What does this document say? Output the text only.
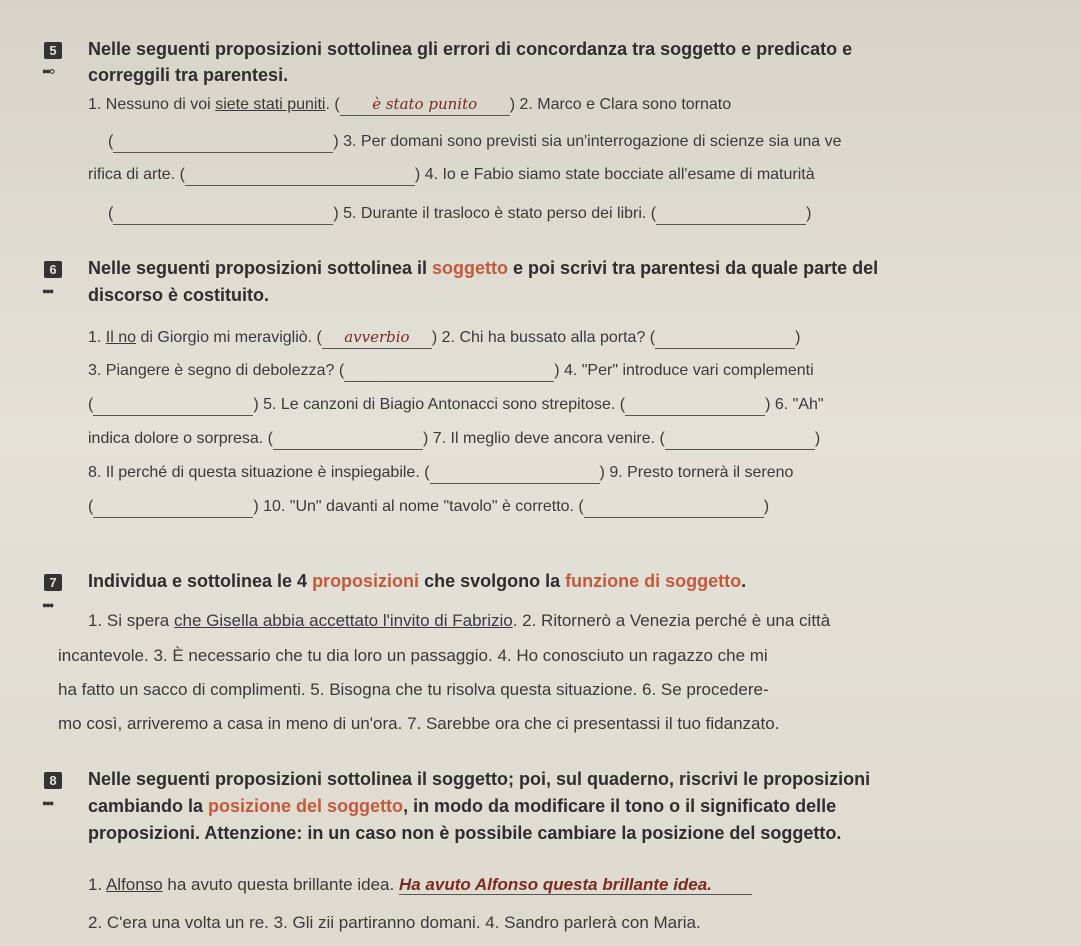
5
●● ●
Nelle seguenti proposizioni sottolinea gli errori di concordanza tra soggetto e predicato e
correggili tra parentesi.
1. Nessuno di voi siete stati puniti. ( è stato punito ) 2. Marco e Clara sono tornato
(	) 3. Per domani sono previsti sia un'interrogazione di scienze sia una ve
rifica di arte. (	) 4. Io e Fabio siamo state bocciate all'esame di maturità
(	) 5. Durante il trasloco è stato perso dei libri. (	)
6
●●●
Nelle seguenti proposizioni sottolinea il soggetto e poi scrivi tra parentesi da quale parte del
discorso è costituito.
1. Il no di Giorgio mi meravigliò. ( avverbio ) 2. Chi ha bussato alla porta? (	)
3. Piangere è segno di debolezza? (	) 4. "Per" introduce vari complementi
(	) 5. Le canzoni di Biagio Antonacci sono strepitose. (	) 6. "Ah"
indica dolore o sorpresa. (	) 7. Il meglio deve ancora venire. (	)
8. Il perché di questa situazione è inspiegabile. (	) 9. Presto tornerà il sereno
(	) 10. "Un" davanti al nome "tavolo" è corretto. (	)
7
●●●
Individua e sottolinea le 4 proposizioni che svolgono la funzione di soggetto.
1. Si spera che Gisella abbia accettato l'invito di Fabrizio. 2. Ritornerò a Venezia perché è una città
incantevole. 3. È necessario che tu dia loro un passaggio. 4. Ho conosciuto un ragazzo che mi
ha fatto un sacco di complimenti. 5. Bisogna che tu risolva questa situazione. 6. Se procedere-
mo così, arriveremo a casa in meno di un'ora. 7. Sarebbe ora che ci presentassi il tuo fidanzato.
8
●●●
Nelle seguenti proposizioni sottolinea il soggetto; poi, sul quaderno, riscrivi le proposizioni
cambiando la posizione del soggetto, in modo da modificare il tono o il significato delle
proposizioni. Attenzione: in un caso non è possibile cambiare la posizione del soggetto.
1. Alfonso ha avuto questa brillante idea. Ha avuto Alfonso questa brillante idea.
2. C'era una volta un re. 3. Gli zii partiranno domani. 4. Sandro parlerà con Maria.
